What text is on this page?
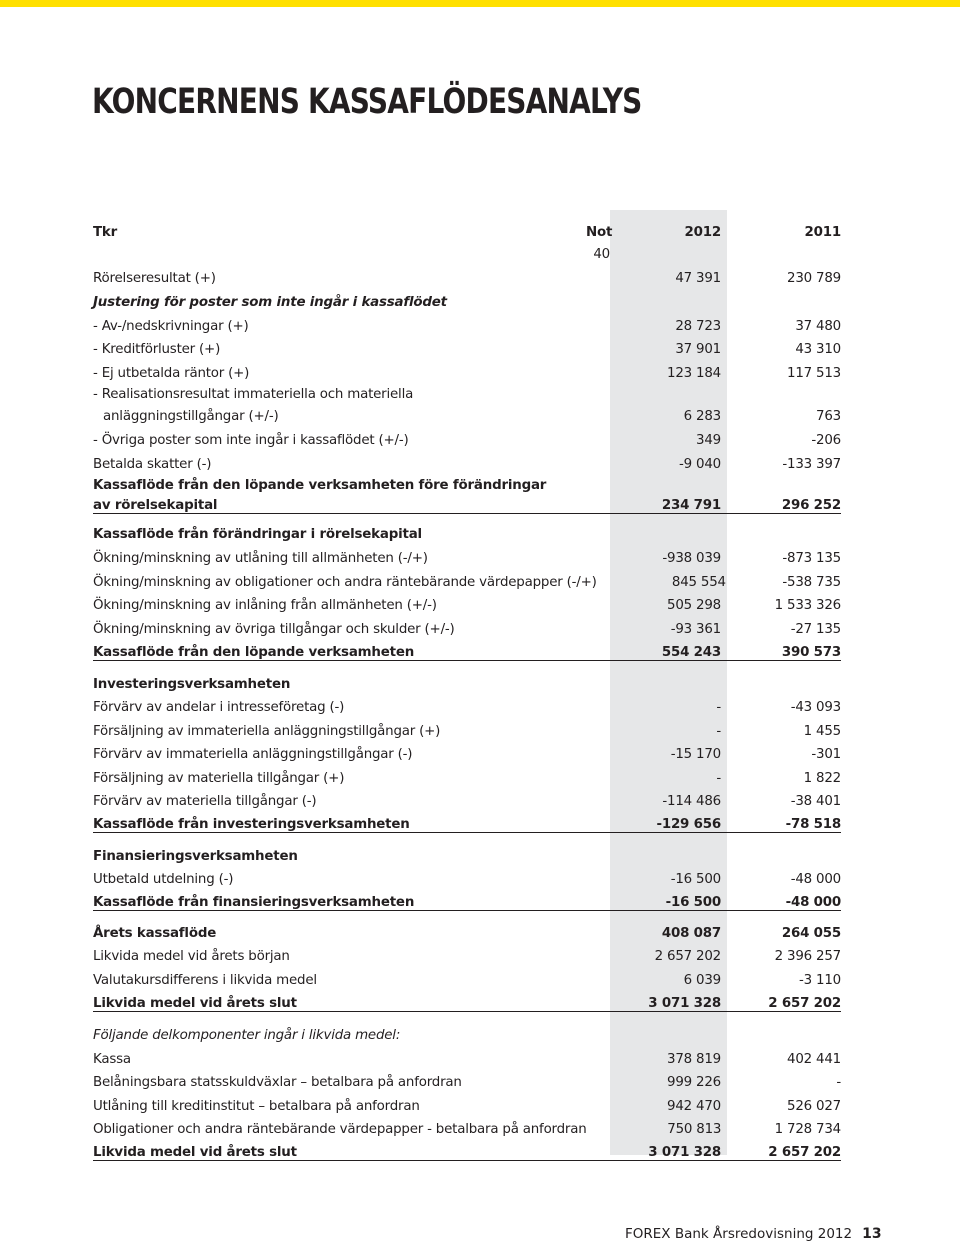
KONCERNENS KASSAFLÖDESANALYS
Tkr	Not	2012	2011
40
Rörelseresultat (+)	47 391	230 789
Justering för poster som inte ingår i kassaflödet
- Av-/nedskrivningar (+)	28 723	37 480
- Kreditförluster (+)	37 901	43 310
- Ej utbetalda räntor (+)	123 184	117 513
- Realisationsresultat immateriella och materiella
anläggningstillgångar (+/-)	6 283	763
- Övriga poster som inte ingår i kassaflödet (+/-)	349	-206
Betalda skatter (-)	-9 040	-133 397
Kassaflöde från den löpande verksamheten före förändringar
av rörelsekapital	234 791	296 252
Kassaflöde från förändringar i rörelsekapital
Ökning/minskning av utlåning till allmänheten (-/+)	-938 039	-873 135
Ökning/minskning av obligationer och andra räntebärande värdepapper (-/+)	845 554	-538 735
Ökning/minskning av inlåning från allmänheten (+/-)	505 298	1 533 326
Ökning/minskning av övriga tillgångar och skulder (+/-)	-93 361	-27 135
Kassaflöde från den löpande verksamheten	554 243	390 573
Investeringsverksamheten
Förvärv av andelar i intresseföretag (-)	-	-43 093
Försäljning av immateriella anläggningstillgångar (+)	-	1 455
Förvärv av immateriella anläggningstillgångar (-)	-15 170	-301
Försäljning av materiella tillgångar (+)	-	1 822
Förvärv av materiella tillgångar (-)	-114 486	-38 401
Kassaflöde från investeringsverksamheten	-129 656	-78 518
Finansieringsverksamheten
Utbetald utdelning (-)	-16 500	-48 000
Kassaflöde från finansieringsverksamheten	-16 500	-48 000
Årets kassaflöde	408 087	264 055
Likvida medel vid årets början	2 657 202	2 396 257
Valutakursdifferens i likvida medel	6 039	-3 110
Likvida medel vid årets slut	3 071 328	2 657 202
Följande delkomponenter ingår i likvida medel:
Kassa	378 819	402 441
Belåningsbara statsskuldväxlar – betalbara på anfordran	999 226	-
Utlåning till kreditinstitut – betalbara på anfordran	942 470	526 027
Obligationer och andra räntebärande värdepapper - betalbara på anfordran	750 813	1 728 734
Likvida medel vid årets slut	3 071 328	2 657 202
FOREX Bank Årsredovisning 2012 13
